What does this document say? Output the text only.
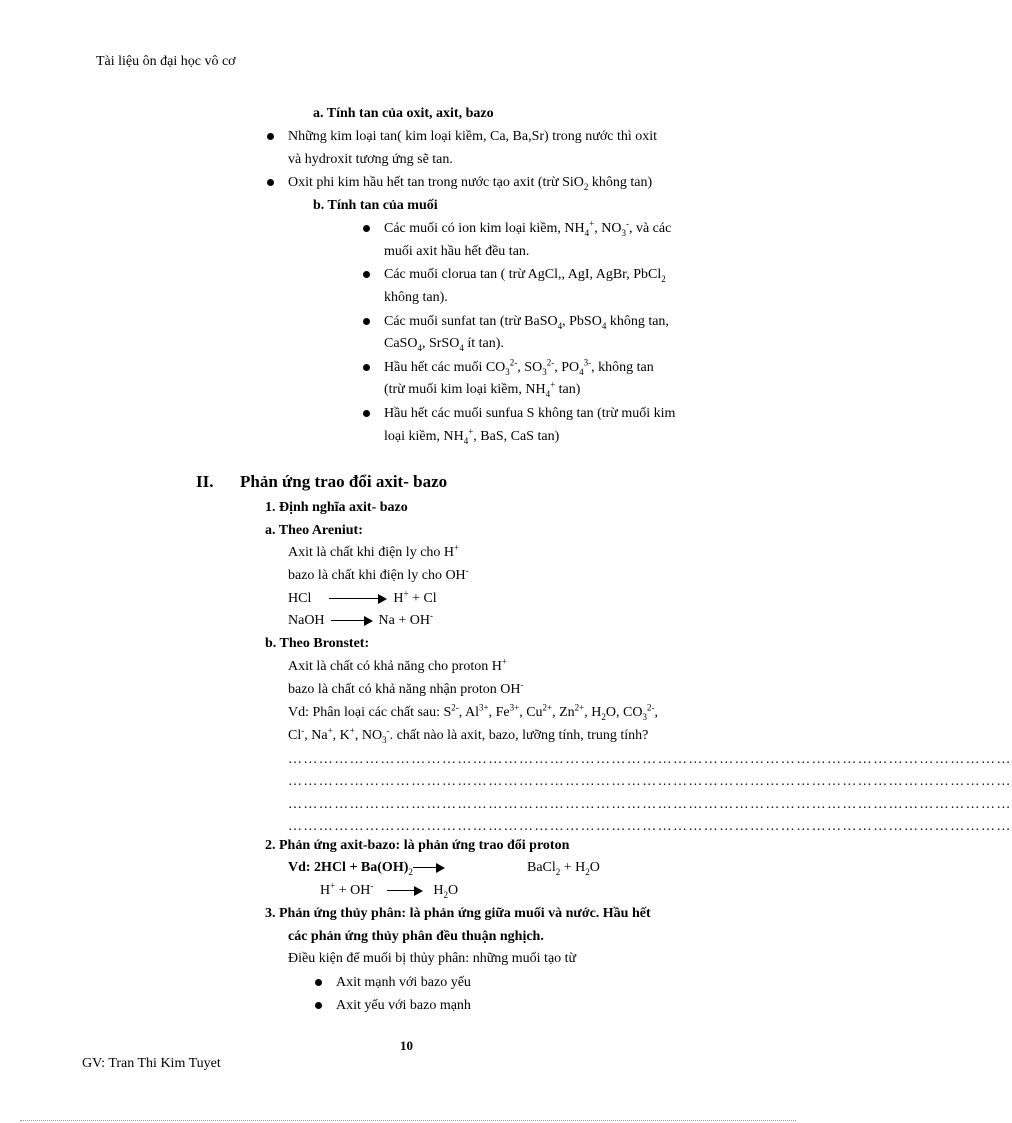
Tài liệu ôn đại học vô cơ
a. Tính tan của oxit, axit, bazo
Những kim loại tan( kim loại kiềm, Ca, Ba,Sr) trong nước thì oxit
và hydroxit tương ứng sẽ tan.
Oxit phi kim hầu hết tan trong nước tạo axit (trừ SiO$_2$ không tan)
b. Tính tan của muối
Các muối có ion kim loại kiềm, $NH_4^+$, $NO_3^-$, và các
muối axit hầu hết đều tan.
Các muối clorua tan ( trừ AgCl,, AgI, AgBr, PbCl$_2$
không tan).
Các muối sunfat tan (trừ BaSO$_4$, PbSO$_4$ không tan,
CaSO$_4$, SrSO$_4$ ít tan).
Hầu hết các muối $CO_3^{2-}$, $SO_3^{2-}$, $PO_4^{3-}$, không tan
(trừ muối kim loại kiềm, $NH_4^+$ tan)
Hầu hết các muối sunfua S không tan (trừ muối kim
loại kiềm, $NH_4^+$, BaS, CaS tan)
II. Phản ứng trao đổi axit- bazo
1. Định nghĩa axit- bazo
a. Theo Areniut:
Axit là chất khi điện ly cho H+
bazo là chất khi điện ly cho OH-
HCl	H+ + Cl
NaOH	Na + OH-
b. Theo Bronstet:
Axit là chất có khả năng cho proton H+
bazo là chất có khả năng nhận proton OH-
Vd: Phân loại các chất sau: $S^{2-}$, $Al^{3+}$, $Fe^{3+}$, $Cu^{2+}$, $Zn^{2+}$, $H_2O$, $CO_3^{2-}$,
Cl-, Na+, K+, $NO_3^-$. chất nào là axit, bazo, lưỡng tính, trung tính?
……………………………………………………………………………………………………………………………
……………………………………………………………………………………………………………………………
……………………………………………………………………………………………………………………………
……………………………………………………………………………………………………………………………
2. Phản ứng axit-bazo: là phản ứng trao đổi proton
Vd: $2HCl + Ba(OH)_2$	BaCl$_2$ + $H_2O$
H+ + OH-	$H_2O$
3. Phản ứng thủy phân: là phản ứng giữa muối và nước. Hầu hết
các phản ứng thủy phân đều thuận nghịch.
Điều kiện để muối bị thủy phân: những muối tạo từ
Axit mạnh với bazo yếu
Axit yếu với bazo mạnh
10
GV: Tran Thi Kim Tuyet
